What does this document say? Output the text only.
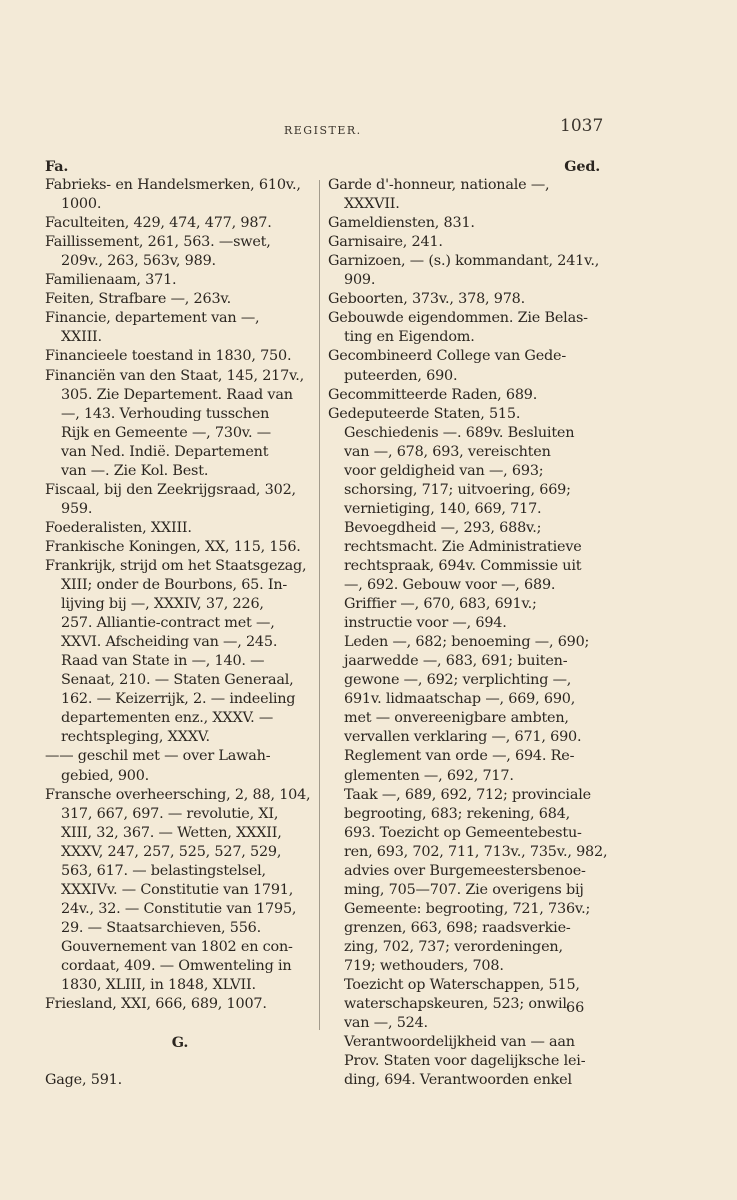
REGISTER.	1037
Fa.
Fabrieks- en Handelsmerken, 610v.,
1000.
Faculteiten, 429, 474, 477, 987.
Faillissement, 261, 563. —swet,
209v., 263, 563v, 989.
Familienaam, 371.
Feiten, Strafbare —, 263v.
Financie, departement van —,
XXIII.
Financieele toestand in 1830, 750.
Financiën van den Staat, 145, 217v.,
305. Zie Departement. Raad van
—, 143. Verhouding tusschen
Rijk en Gemeente —, 730v. —
van Ned. Indië. Departement
van —. Zie Kol. Best.
Fiscaal, bij den Zeekrijgsraad, 302,
959.
Foederalisten, XXIII.
Frankische Koningen, XX, 115, 156.
Frankrijk, strijd om het Staatsgezag,
XIII; onder de Bourbons, 65. In-
lijving bij —, XXXIV, 37, 226,
257. Alliantie-contract met —,
XXVI. Afscheiding van —, 245.
Raad van State in —, 140. —
Senaat, 210. — Staten Generaal,
162. — Keizerrijk, 2. — indeeling
departementen enz., XXXV. —
rechtspleging, XXXV.
—— geschil met — over Lawah-
gebied, 900.
Fransche overheersching, 2, 88, 104,
317, 667, 697. — revolutie, XI,
XIII, 32, 367. — Wetten, XXXII,
XXXV, 247, 257, 525, 527, 529,
563, 617. — belastingstelsel,
XXXIVv. — Constitutie van 1791,
24v., 32. — Constitutie van 1795,
29. — Staatsarchieven, 556.
Gouvernement van 1802 en con-
cordaat, 409. — Omwenteling in
1830, XLIII, in 1848, XLVII.
Friesland, XXI, 666, 689, 1007.
G.
Gage, 591.
Ged.
Garde d'-honneur, nationale —,
XXXVII.
Gameldiensten, 831.
Garnisaire, 241.
Garnizoen, — (s.) kommandant, 241v.,
909.
Geboorten, 373v., 378, 978.
Gebouwde eigendommen. Zie Belas-
ting en Eigendom.
Gecombineerd College van Gede-
puteerden, 690.
Gecommitteerde Raden, 689.
Gedeputeerde Staten, 515.
Geschiedenis —. 689v. Besluiten
van —, 678, 693, vereischten
voor geldigheid van —, 693;
schorsing, 717; uitvoering, 669;
vernietiging, 140, 669, 717.
Bevoegdheid —, 293, 688v.;
rechtsmacht. Zie Administratieve
rechtspraak, 694v. Commissie uit
—, 692. Gebouw voor —, 689.
Griffier —, 670, 683, 691v.;
instructie voor —, 694.
Leden —, 682; benoeming —, 690;
jaarwedde —, 683, 691; buiten-
gewone —, 692; verplichting —,
691v. lidmaatschap —, 669, 690,
met — onvereenigbare ambten,
vervallen verklaring —, 671, 690.
Reglement van orde —, 694. Re-
glementen —, 692, 717.
Taak —, 689, 692, 712; provinciale
begrooting, 683; rekening, 684,
693. Toezicht op Gemeentebestu-
ren, 693, 702, 711, 713v., 735v., 982,
advies over Burgemeestersbenoe-
ming, 705—707. Zie overigens bij
Gemeente: begrooting, 721, 736v.;
grenzen, 663, 698; raadsverkie-
zing, 702, 737; verordeningen,
719; wethouders, 708.
Toezicht op Waterschappen, 515,
waterschapskeuren, 523; onwil
van —, 524.
Verantwoordelijkheid van — aan
Prov. Staten voor dagelijksche lei-
ding, 694. Verantwoorden enkel
66
